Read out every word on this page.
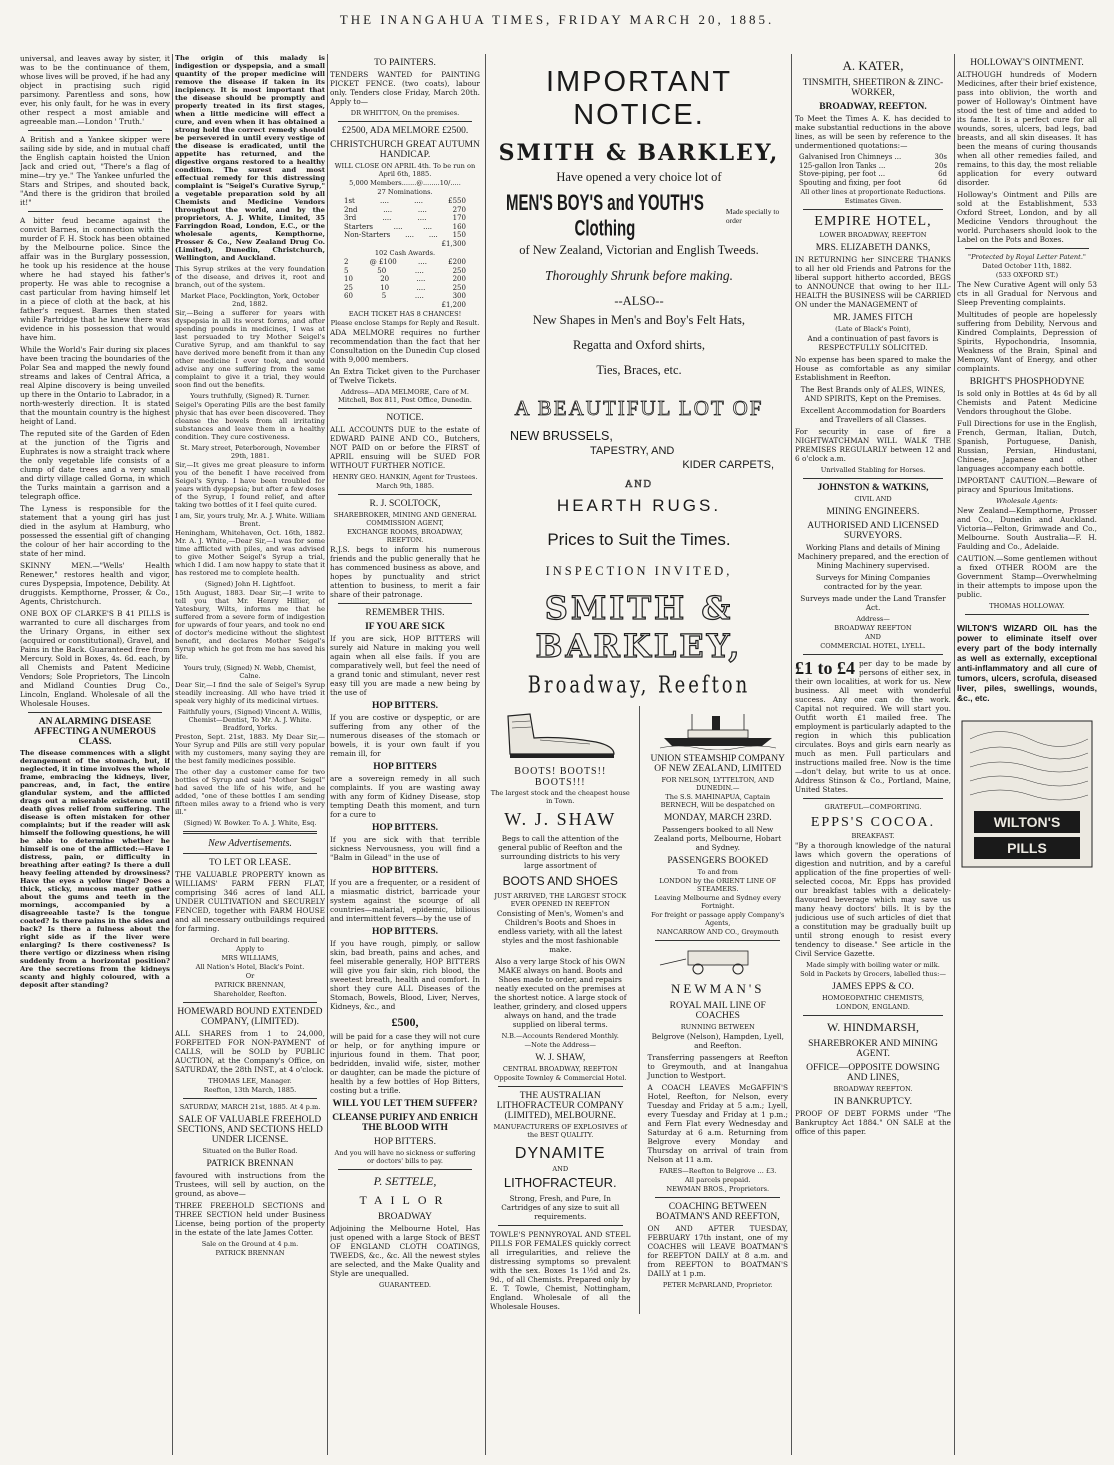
THE INANGAHUA TIMES, FRIDAY MARCH 20, 1885.

universal, and leaves away by sister, it was to be the continuance of them, whose lives will be proved, if he had any object in practising such rigid parsimony. Parentless and sons, how ever, his only fault, for he was in every other respect a most amiable and agreeable man.—London ' Truth.'

A British and a Yankee skipper were sailing side by side, and in mutual chaff the English captain hoisted the Union Jack and cried out, "There's a flag of mine—try ye." The Yankee unfurled the Stars and Stripes, and shouted back, "And there is the gridiron that broiled it!"

A bitter feud became against the convict Barnes, in connection with the murder of F. H. Stock has been obtained by the Melbourne police. Since the affair was in the Burglary possession, he took up his residence at the house where he had stayed his father's property. He was able to recognise a cast particular from having himself let in a piece of cloth at the back, at his father's request. Barnes then stated while Partridge that he knew there was evidence in his possession that would have him.

While the World's Fair during six places have been tracing the boundaries of the Polar Sea and mapped the newly found streams and lakes of Central Africa, a real Alpine discovery is being unveiled up there in the Ontario to Labrador, in a north-westerly direction. It is stated that the mountain country is the highest height of Land.

The reputed site of the Garden of Eden at the junction of the Tigris and Euphrates is now a straight track where the only vegetable life consists of a clump of date trees and a very small and dirty village called Gorna, in which the Turks maintain a garrison and a telegraph office.

The Lyness is responsible for the statement that a young girl has just died in the asylum at Hamburg, who possessed the essential gift of changing the colour of her hair according to the state of her mind.

SKINNY MEN.—"Wells' Health Renewer," restores health and vigor, cures Dyspepsia, Impotence, Debility. At druggists. Kempthorne, Prosser, & Co., Agents, Christchurch.

ONE BOX OF CLARKE'S B 41 PILLS is warranted to cure all discharges from the Urinary Organs, in either sex (acquired or constitutional), Gravel, and Pains in the Back. Guaranteed free from Mercury. Sold in Boxes, 4s. 6d. each, by all Chemists and Patent Medicine Vendors; Sole Proprietors, The Lincoln and Midland Counties Drug Co., Lincoln, England. Wholesale of all the Wholesale Houses.

AN ALARMING DISEASE AFFECTING A NUMEROUS CLASS.

The disease commences with a slight derangement of the stomach, but, if neglected, it in time involves the whole frame, embracing the kidneys, liver, pancreas, and, in fact, the entire glandular system, and the afflicted drags out a miserable existence until death gives relief from suffering. The disease is often mistaken for other complaints; but if the reader will ask himself the following questions, he will be able to determine whether he himself is one of the afflicted:—Have I distress, pain, or difficulty in breathing after eating? Is there a dull heavy feeling attended by drowsiness? Have the eyes a yellow tinge? Does a thick, sticky, mucous matter gather about the gums and teeth in the mornings, accompanied by a disagreeable taste? Is the tongue coated? Is there pains in the sides and back? Is there a fulness about the right side as if the liver were enlarging? Is there costiveness? Is there vertigo or dizziness when rising suddenly from a horizontal position? Are the secretions from the kidneys scanty and highly coloured, with a deposit after standing?

The origin of this malady is indigestion or dyspepsia, and a small quantity of the proper medicine will remove the disease if taken in its incipiency. It is most important that the disease should be promptly and properly treated in its first stages, when a little medicine will effect a cure, and even when it has obtained a strong hold the correct remedy should be persevered in until every vestige of the disease is eradicated, until the appetite has returned, and the digestive organs restored to a healthy condition. The surest and most effectual remedy for this distressing complaint is "Seigel's Curative Syrup," a vegetable preparation sold by all Chemists and Medicine Vendors throughout the world, and by the proprietors, A. J. White, Limited, 35 Farringdon Road, London, E.C., or the wholesale agents, Kempthorne, Prosser & Co., New Zealand Drug Co. (Limited), Dunedin, Christchurch, Wellington, and Auckland.

This Syrup strikes at the very foundation of the disease, and drives it, root and branch, out of the system.

Market Place, Pocklington, York, October 2nd, 1882.

Sir,—Being a sufferer for years with dyspepsia in all its worst forms, and after spending pounds in medicines, I was at last persuaded to try Mother Seigel's Curative Syrup, and am thankful to say have derived more benefit from it than any other medicine I ever took, and would advise any one suffering from the same complaint to give it a trial, they would soon find out the benefits.

Yours truthfully, (Signed) R. Turner.

Seigel's Operating Pills are the best family physic that has ever been discovered. They cleanse the bowels from all irritating substances and leave them in a healthy condition. They cure costiveness.

St. Mary street, Peterborough, November 29th, 1881.

Sir,—It gives me great pleasure to inform you of the benefit I have received from Seigel's Syrup. I have been troubled for years with dyspepsia; but after a few doses of the Syrup, I found relief, and after taking two bottles of it I feel quite cured.

I am, Sir, yours truly, Mr. A. J. White. William Brent.

Heningham, Whitehaven, Oct. 16th, 1882. Mr. A. J. White,—Dear Sir,—I was for some time afflicted with piles, and was advised to give Mother Seigel's Syrup a trial, which I did. I am now happy to state that it has restored me to complete health.

(Signed) John H. Lightfoot.

15th August, 1883. Dear Sir,—I write to tell you that Mr. Henry Hillier, of Yatesbury, Wilts, informs me that he suffered from a severe form of indigestion for upwards of four years, and took no end of doctor's medicine without the slightest benefit, and declares Mother Seigel's Syrup which he got from me has saved his life.

Yours truly, (Signed) N. Webb, Chemist, Calne.

Dear Sir,—I find the sale of Seigel's Syrup steadily increasing. All who have tried it speak very highly of its medicinal virtues.

Faithfully yours, (Signed) Vincent A. Willis, Chemist—Dentist, To Mr. A. J. White. Bradford, Yorks.

Preston, Sept. 21st, 1883. My Dear Sir,—Your Syrup and Pills are still very popular with my customers, many saying they are the best family medicines possible.

The other day a customer came for two bottles of Syrup and said "Mother Seigel" had saved the life of his wife, and he added, "one of these bottles I am sending fifteen miles away to a friend who is very ill."

(Signed) W. Bowker. To A. J. White, Esq.

New Advertisements.
TO LET OR LEASE.

THE VALUABLE PROPERTY known as WILLIAMS' FARM FERN FLAT, comprising 346 acres of land ALL UNDER CULTIVATION and SECURELY FENCED, together with FARM HOUSE and all necessary outbuildings required for farming.

Orchard in full bearing.

Apply to

MRS WILLIAMS,

All Nation's Hotel, Black's Point.

Or

PATRICK BRENNAN,

Shareholder, Reefton.

HOMEWARD BOUND EXTENDED COMPANY, (LIMITED).

ALL SHARES from 1 to 24,000, FORFEITED FOR NON-PAYMENT of CALLS, will be SOLD by PUBLIC AUCTION, at the Company's Office, on SATURDAY, the 28th INST., at 4 o'clock.

THOMAS LEE, Manager.

Reefton, 13th March, 1885.

SATURDAY, MARCH 21st, 1885. At 4 p.m.

SALE OF VALUABLE FREEHOLD SECTIONS, AND SECTIONS HELD UNDER LICENSE.

Situated on the Buller Road.

PATRICK BRENNAN

favoured with instructions from the Trustees, will sell by auction, on the ground, as above—

THREE FREEHOLD SECTIONS and THREE SECTION held under Business License, being portion of the property in the estate of the late James Cotter.

Sale on the Ground at 4 p.m.

PATRICK BRENNAN

TO PAINTERS.

TENDERS WANTED for PAINTING PICKET FENCE. (two coats), labour only. Tenders close Friday, March 20th. Apply to—

DR WHITTON, On the premises.

£2500, ADA MELMORE £2500.
CHRISTCHURCH GREAT AUTUMN HANDICAP.

WILL CLOSE ON APRIL 4th. To be run on April 6th, 1885.

5,000 Members.......@........10/.....

27 Nominations.

1st	....	....	£550
2nd	....	....	270
3rd	....	....	170
Starters	....	....	160
Non-Starters .... .... 150
£1,300

102 Cash Awards.

2	@ £100	....	£200
5	50	....	250
10	20	....	200
25	10	....	250
60	5	....	300
£1,200

EACH TICKET HAS 8 CHANCES!

Please enclose Stamps for Reply and Result.

ADA MELMORE requires no further recommendation than the fact that her Consultation on the Dunedin Cup closed with 9,000 members.

An Extra Ticket given to the Purchaser of Twelve Tickets.

Address—ADA MELMORE, Care of M. Mitchell, Box 811, Post Office, Dunedin.

NOTICE.

ALL ACCOUNTS DUE to the estate of EDWARD PAINE AND CO., Butchers, NOT PAID on or before the FIRST of APRIL ensuing will be SUED FOR WITHOUT FURTHER NOTICE.

HENRY GEO. HANKIN, Agent for Trustees.

March 9th, 1885.

R. J. SCOLTOCK,

SHAREBROKER, MINING AND GENERAL COMMISSION AGENT,

EXCHANGE ROOMS, BROADWAY, REEFTON.

R.J.S. begs to inform his numerous friends and the public generally that he has commenced business as above, and hopes by punctuality and strict attention to business, to merit a fair share of their patronage.

REMEMBER THIS.
IF YOU ARE SICK

If you are sick, HOP BITTERS will surely aid Nature in making you well again when all else fails. If you are comparatively well, but feel the need of a grand tonic and stimulant, never rest easy till you are made a new being by the use of

HOP BITTERS.

If you are costive or dyspeptic, or are suffering from any other of the numerous diseases of the stomach or bowels, it is your own fault if you remain ill, for

HOP BITTERS

are a sovereign remedy in all such complaints. If you are wasting away with any form of Kidney Disease, stop tempting Death this moment, and turn for a cure to

HOP BITTERS.

If you are sick with that terrible sickness Nervousness, you will find a "Balm in Gilead" in the use of

HOP BITTERS.

If you are a frequenter, or a resident of a miasmatic district, barricade your system against the scourge of all countries—malarial, epidemic, bilious and intermittent fevers—by the use of

HOP BITTERS.

If you have rough, pimply, or sallow skin, bad breath, pains and aches, and feel miserable generally, HOP BITTERS will give you fair skin, rich blood, the sweetest breath, health and comfort. In short they cure ALL Diseases of the Stomach, Bowels, Blood, Liver, Nerves, Kidneys, &c., and

£500,

will be paid for a case they will not cure or help, or for anything impure or injurious found in them. That poor, bedridden, invalid wife, sister, mother or daughter, can be made the picture of health by a few bottles of Hop Bitters, costing but a trifle.

WILL YOU LET THEM SUFFER?
CLEANSE PURIFY AND ENRICH THE BLOOD WITH
HOP BITTERS.

And you will have no sickness or suffering or doctors' bills to pay.

P. SETTELE,
TAILOR
BROADWAY

Adjoining the Melbourne Hotel, Has just opened with a large Stock of BEST OF ENGLAND CLOTH COATINGS, TWEEDS, &c., &c. All the newest styles are selected, and the Make Quality and Style are unequalled.

GUARANTEED.

IMPORTANT NOTICE.
SMITH & BARKLEY,
Have opened a very choice lot of
MEN'S BOY'S and YOUTH'S Clothing
Made specially to order
of New Zealand, Victorian and English Tweeds.
Thoroughly Shrunk before making.
--ALSO--
New Shapes in Men's and Boy's Felt Hats,
Regatta and Oxford shirts,
Ties, Braces, etc.
A BEAUTIFUL LOT OF
NEW BRUSSELS,
TAPESTRY, AND
KIDER CARPETS,
AND
HEARTH RUGS.
Prices to Suit the Times.
INSPECTION INVITED,
SMITH & BARKLEY,
Broadway, Reefton
BOOTS! BOOTS!! BOOTS!!!

The largest stock and the cheapest house in Town.

W. J. SHAW

Begs to call the attention of the general public of Reefton and the surrounding districts to his very large assortment of

BOOTS AND SHOES

JUST ARRIVED, THE LARGEST STOCK EVER OPENED IN REEFTON

Consisting of Men's, Women's and Children's Boots and Shoes in endless variety, with all the latest styles and the most fashionable make.

Also a very large Stock of his OWN MAKE always on hand. Boots and Shoes made to order, and repairs neatly executed on the premises at the shortest notice. A large stock of leather, grindery, and closed uppers always on hand, and the trade supplied on liberal terms.

N.B.—Accounts Rendered Monthly.

—Note the Address—

W. J. SHAW,

CENTRAL BROADWAY, REEFTON

Opposite Townley & Commercial Hotel.

THE AUSTRALIAN LITHOFRACTEUR COMPANY (LIMITED), MELBOURNE.

MANUFACTURERS OF EXPLOSIVES of the BEST QUALITY.

DYNAMITE

AND

LITHOFRACTEUR.

Strong, Fresh, and Pure, In Cartridges of any size to suit all requirements.

TOWLE'S PENNYROYAL AND STEEL PILLS FOR FEMALES quickly correct all irregularities, and relieve the distressing symptoms so prevalent with the sex. Boxes 1s 1½d and 2s. 9d., of all Chemists. Prepared only by E. T. Towle, Chemist, Nottingham, England. Wholesale of all the Wholesale Houses.

UNION STEAMSHIP COMPANY OF NEW ZEALAND, LIMITED

FOR NELSON, LYTTELTON, AND DUNEDIN.—

The S.S. MAHINAPUA, Captain BERNECH, Will be despatched on

MONDAY, MARCH 23RD.

Passengers booked to all New Zealand ports, Melbourne, Hobart and Sydney.

PASSENGERS BOOKED

To and from

LONDON by the ORIENT LINE OF STEAMERS.

Leaving Melbourne and Sydney every Fortnight.

For freight or passage apply Company's Agents,

NANCARROW AND CO., Greymouth

NEWMAN'S
ROYAL MAIL LINE OF COACHES

RUNNING BETWEEN

Belgrove (Nelson), Hampden, Lyell, and Reefton.

Transferring passengers at Reefton to Greymouth, and at Inangahua Junction to Westport.

A COACH LEAVES McGAFFIN'S Hotel, Reefton, for Nelson, every Tuesday and Friday at 5 a.m.; Lyell, every Tuesday and Friday at 1 p.m.; and Fern Flat every Wednesday and Saturday at 6 a.m. Returning from Belgrove every Monday and Thursday on arrival of train from Nelson at 11 a.m.

FARES—Reefton to Belgrove ... £3.

All parcels prepaid.

NEWMAN BROS., Proprietors.

COACHING BETWEEN BOATMAN'S AND REEFTON,

ON AND AFTER TUESDAY, FEBRUARY 17th instant, one of my COACHES will LEAVE BOATMAN'S for REEFTON DAILY at 8 a.m. and from REEFTON to BOATMAN'S DAILY at 1 p.m.

PETER McPARLAND, Proprietor.

A. KATER,
TINSMITH, SHEETIRON & ZINC-WORKER,
BROADWAY, REEFTON.

To Meet the Times A. K. has decided to make substantial reductions in the above lines, as will be seen by reference to the undermentioned quotations:—

Galvanised Iron Chimneys ...	30s
125-gallon Iron Tanks ...	20s
Stove-piping, per foot ...	6d
Spouting and fixing, per foot	6d

All other lines at proportionate Reductions.

Estimates Given.

EMPIRE HOTEL,

LOWER BROADWAY, REEFTON

MRS. ELIZABETH DANKS,

IN RETURNING her SINCERE THANKS to all her old Friends and Patrons for the liberal support hitherto accorded, BEGS to ANNOUNCE that owing to her ILL-HEALTH the BUSINESS will be CARRIED ON under the MANAGEMENT of

MR. JAMES FITCH

(Late of Black's Point),

And a continuation of past favors is RESPECTFULLY SOLICITED.

No expense has been spared to make the House as comfortable as any similar Establishment in Reefton.

The Best Brands only of ALES, WINES, AND SPIRITS, Kept on the Premises.

Excellent Accommodation for Boarders and Travellers of all Classes.

For security in case of fire a NIGHTWATCHMAN WILL WALK THE PREMISES REGULARLY between 12 and 6 o'clock a.m.

Unrivalled Stabling for Horses.

JOHNSTON & WATKINS,

CIVIL AND

MINING ENGINEERS.
AUTHORISED AND LICENSED SURVEYORS.

Working Plans and details of Mining Machinery prepared, and the erection of Mining Machinery supervised.

Surveys for Mining Companies contracted for by the year.

Surveys made under the Land Transfer Act.

Address—

BROADWAY REEFTON

AND

COMMERCIAL HOTEL, LYELL.

£1 to £4 per day to be made by persons of either sex, in their own localities, at work for us. New business. All meet with wonderful success. Any one can do the work. Capital not required. We will start you. Outfit worth £1 mailed free. The employment is particularly adapted to the region in which this publication circulates. Boys and girls earn nearly as much as men. Full particulars and instructions mailed free. Now is the time—don't delay, but write to us at once. Address Stinson & Co., Portland, Maine, United States.

GRATEFUL—COMFORTING.

EPPS'S COCOA.

BREAKFAST.

"By a thorough knowledge of the natural laws which govern the operations of digestion and nutrition, and by a careful application of the fine properties of well-selected cocoa, Mr. Epps has provided our breakfast tables with a delicately-flavoured beverage which may save us many heavy doctors' bills. It is by the judicious use of such articles of diet that a constitution may be gradually built up until strong enough to resist every tendency to disease." See article in the Civil Service Gazette.

Made simply with boiling water or milk.

Sold in Packets by Grocers, labelled thus:—

JAMES EPPS & CO.

HOMOEOPATHIC CHEMISTS,

LONDON, ENGLAND.

W. HINDMARSH,
SHAREBROKER AND MINING AGENT.
OFFICE—OPPOSITE DOWSING AND LINES,

BROADWAY REEFTON.

IN BANKRUPTCY.

PROOF OF DEBT FORMS under "The Bankruptcy Act 1884." ON SALE at the office of this paper.

HOLLOWAY'S OINTMENT.

ALTHOUGH hundreds of Modern Medicines, after their brief existence, pass into oblivion, the worth and power of Holloway's Ointment have stood the test of time and added to its fame. It is a perfect cure for all wounds, sores, ulcers, bad legs, bad breasts, and all skin diseases. It has been the means of curing thousands when all other remedies failed, and remains, to this day, the most reliable application for every outward disorder.

Holloway's Ointment and Pills are sold at the Establishment, 533 Oxford Street, London, and by all Medicine Vendors throughout the world. Purchasers should look to the Label on the Pots and Boxes.

"Protected by Royal Letter Patent."

Dated October 11th, 1882.

(533 OXFORD ST.)

The New Curative Agent will only 53 cts in all Gradual for Nervous and Sleep Preventing complaints.

Multitudes of people are hopelessly suffering from Debility, Nervous and Kindred Complaints, Depression of Spirits, Hypochondria, Insomnia, Weakness of the Brain, Spinal and Memory, Want of Energy, and other complaints.

BRIGHT'S PHOSPHODYNE

Is sold only in Bottles at 4s 6d by all Chemists and Patent Medicine Vendors throughout the Globe.

Full Directions for use in the English, French, German, Italian, Dutch, Spanish, Portuguese, Danish, Russian, Persian, Hindustani, Chinese, Japanese and other languages accompany each bottle.

IMPORTANT CAUTION.—Beware of piracy and Spurious Imitations.

Wholesale Agents:

New Zealand—Kempthorne, Prosser and Co., Dunedin and Auckland. Victoria—Felton, Grimwade and Co., Melbourne. South Australia—F. H. Faulding and Co., Adelaide.

CAUTION.—Some gentlemen without a fixed OTHER ROOM are the Government Stamp—Overwhelming in their attempts to impose upon the public.

THOMAS HOLLOWAY.

WILTON'S WIZARD OIL has the power to eliminate itself over every part of the body internally as well as externally, exceptional anti-inflammatory and all cure of tumors, ulcers, scrofula, diseased liver, piles, swellings, wounds, &c., etc.

WILTON'S
PILLS
